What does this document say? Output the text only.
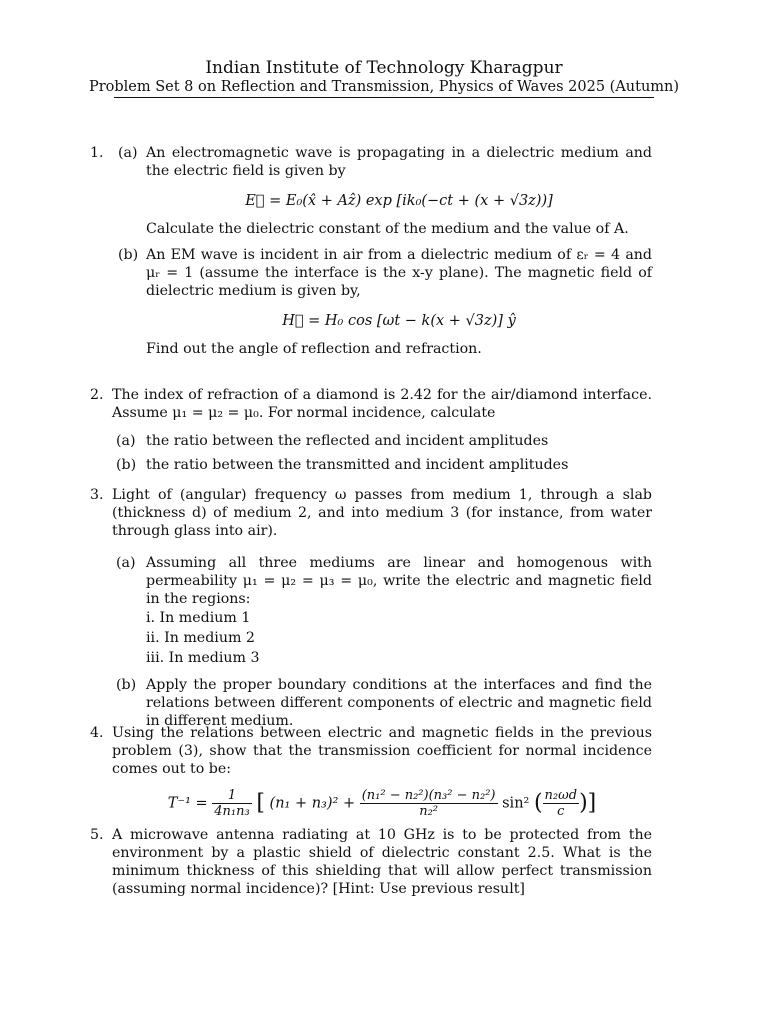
Indian Institute of Technology Kharagpur
Problem Set 8 on Reflection and Transmission, Physics of Waves 2025 (Autumn)
1.	(a) An electromagnetic wave is propagating in a dielectric medium and the electric field is given by
E⃗ = E₀(x̂ + Aẑ) exp [ik₀(−ct + (x + √3z))]
Calculate the dielectric constant of the medium and the value of A.
(b) An EM wave is incident in air from a dielectric medium of εᵣ = 4 and μᵣ = 1 (assume the interface is the x-y plane). The magnetic field of dielectric medium is given by,
H⃗ = H₀ cos [ωt − k(x + √3z)] ŷ
Find out the angle of reflection and refraction.
2. The index of refraction of a diamond is 2.42 for the air/diamond interface. Assume μ₁ = μ₂ = μ₀. For normal incidence, calculate
(a) the ratio between the reflected and incident amplitudes
(b) the ratio between the transmitted and incident amplitudes
3. Light of (angular) frequency ω passes from medium 1, through a slab (thickness d) of medium 2, and into medium 3 (for instance, from water through glass into air).
(a) Assuming all three mediums are linear and homogenous with permeability μ₁ = μ₂ = μ₃ = μ₀, write the electric and magnetic field in the regions:
i. In medium 1
ii. In medium 2
iii. In medium 3
(b) Apply the proper boundary conditions at the interfaces and find the relations between different components of electric and magnetic field in different medium.
4. Using the relations between electric and magnetic fields in the previous problem (3), show that the transmission coefficient for normal incidence comes out to be:
$T^{-1} = \frac{1}{\text{4n₁n₃}}$ [ $(n_1 + n_3)^2 + \frac{\text{(n₁² − n₂²)(n₃² − n₂²)}}{\text{n₂²}} \sin^2$ ( $\frac{\text{n₂ωd}}{c}$ )]
5. A microwave antenna radiating at 10 GHz is to be protected from the environment by a plastic shield of dielectric constant 2.5. What is the minimum thickness of this shielding that will allow perfect transmission (assuming normal incidence)? [Hint: Use previous result]
